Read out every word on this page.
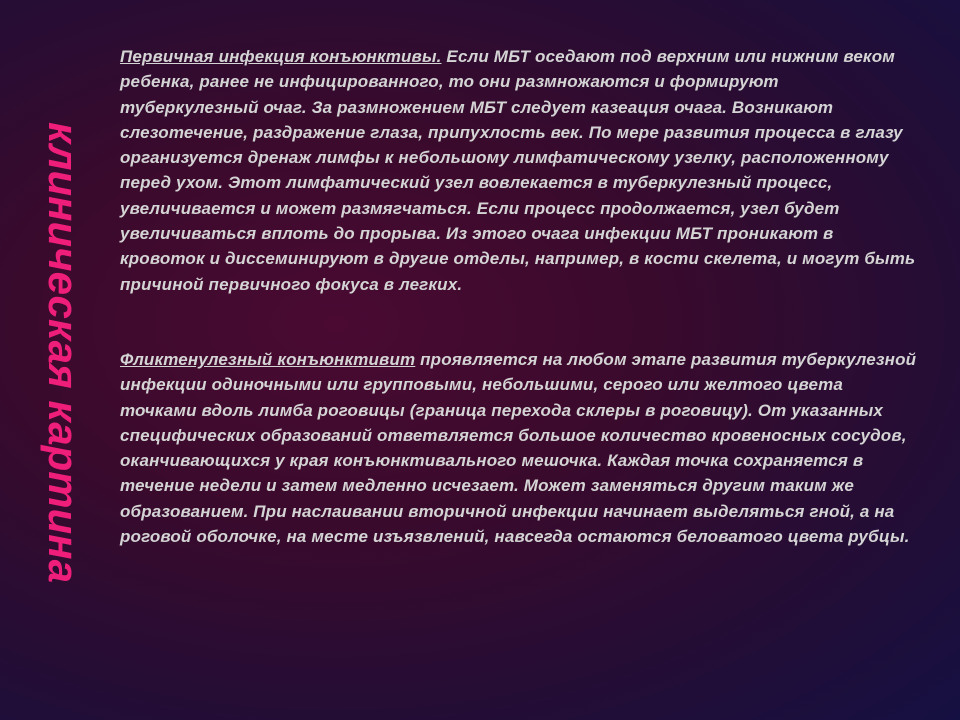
клиническая картина

Первичная инфекция конъюнктивы. Если МБТ оседают под верхним или нижним веком ребенка, ранее не инфицированного, то они размножаются и формируют туберкулезный очаг. За размножением МБТ следует казеация очага. Возникают слезотечение, раздражение глаза, припухлость век. По мере развития процесса в глазу организуется дренаж лимфы к небольшому лимфатическому узелку, расположенному перед ухом. Этот лимфатический узел вовлекается в туберкулезный процесс, увеличивается и может размягчаться. Если процесс продолжается, узел будет увеличиваться вплоть до прорыва. Из этого очага инфекции МБТ проникают в кровоток и диссеминируют в другие отделы, например, в кости скелета, и могут быть причиной первичного фокуса в легких.

Фликтенулезный конъюнктивит проявляется на любом этапе развития туберкулезной инфекции одиночными или групповыми, небольшими, серого или желтого цвета точками вдоль лимба роговицы (граница перехода склеры в роговицу). От указанных специфических образований ответвляется большое количество кровеносных сосудов, оканчивающихся у края конъюнктивального мешочка. Каждая точка сохраняется в течение недели и затем медленно исчезает. Может заменяться другим таким же образованием. При наслаивании вторичной инфекции начинает выделяться гной, а на роговой оболочке, на месте изъязвлений, навсегда остаются беловатого цвета рубцы.
